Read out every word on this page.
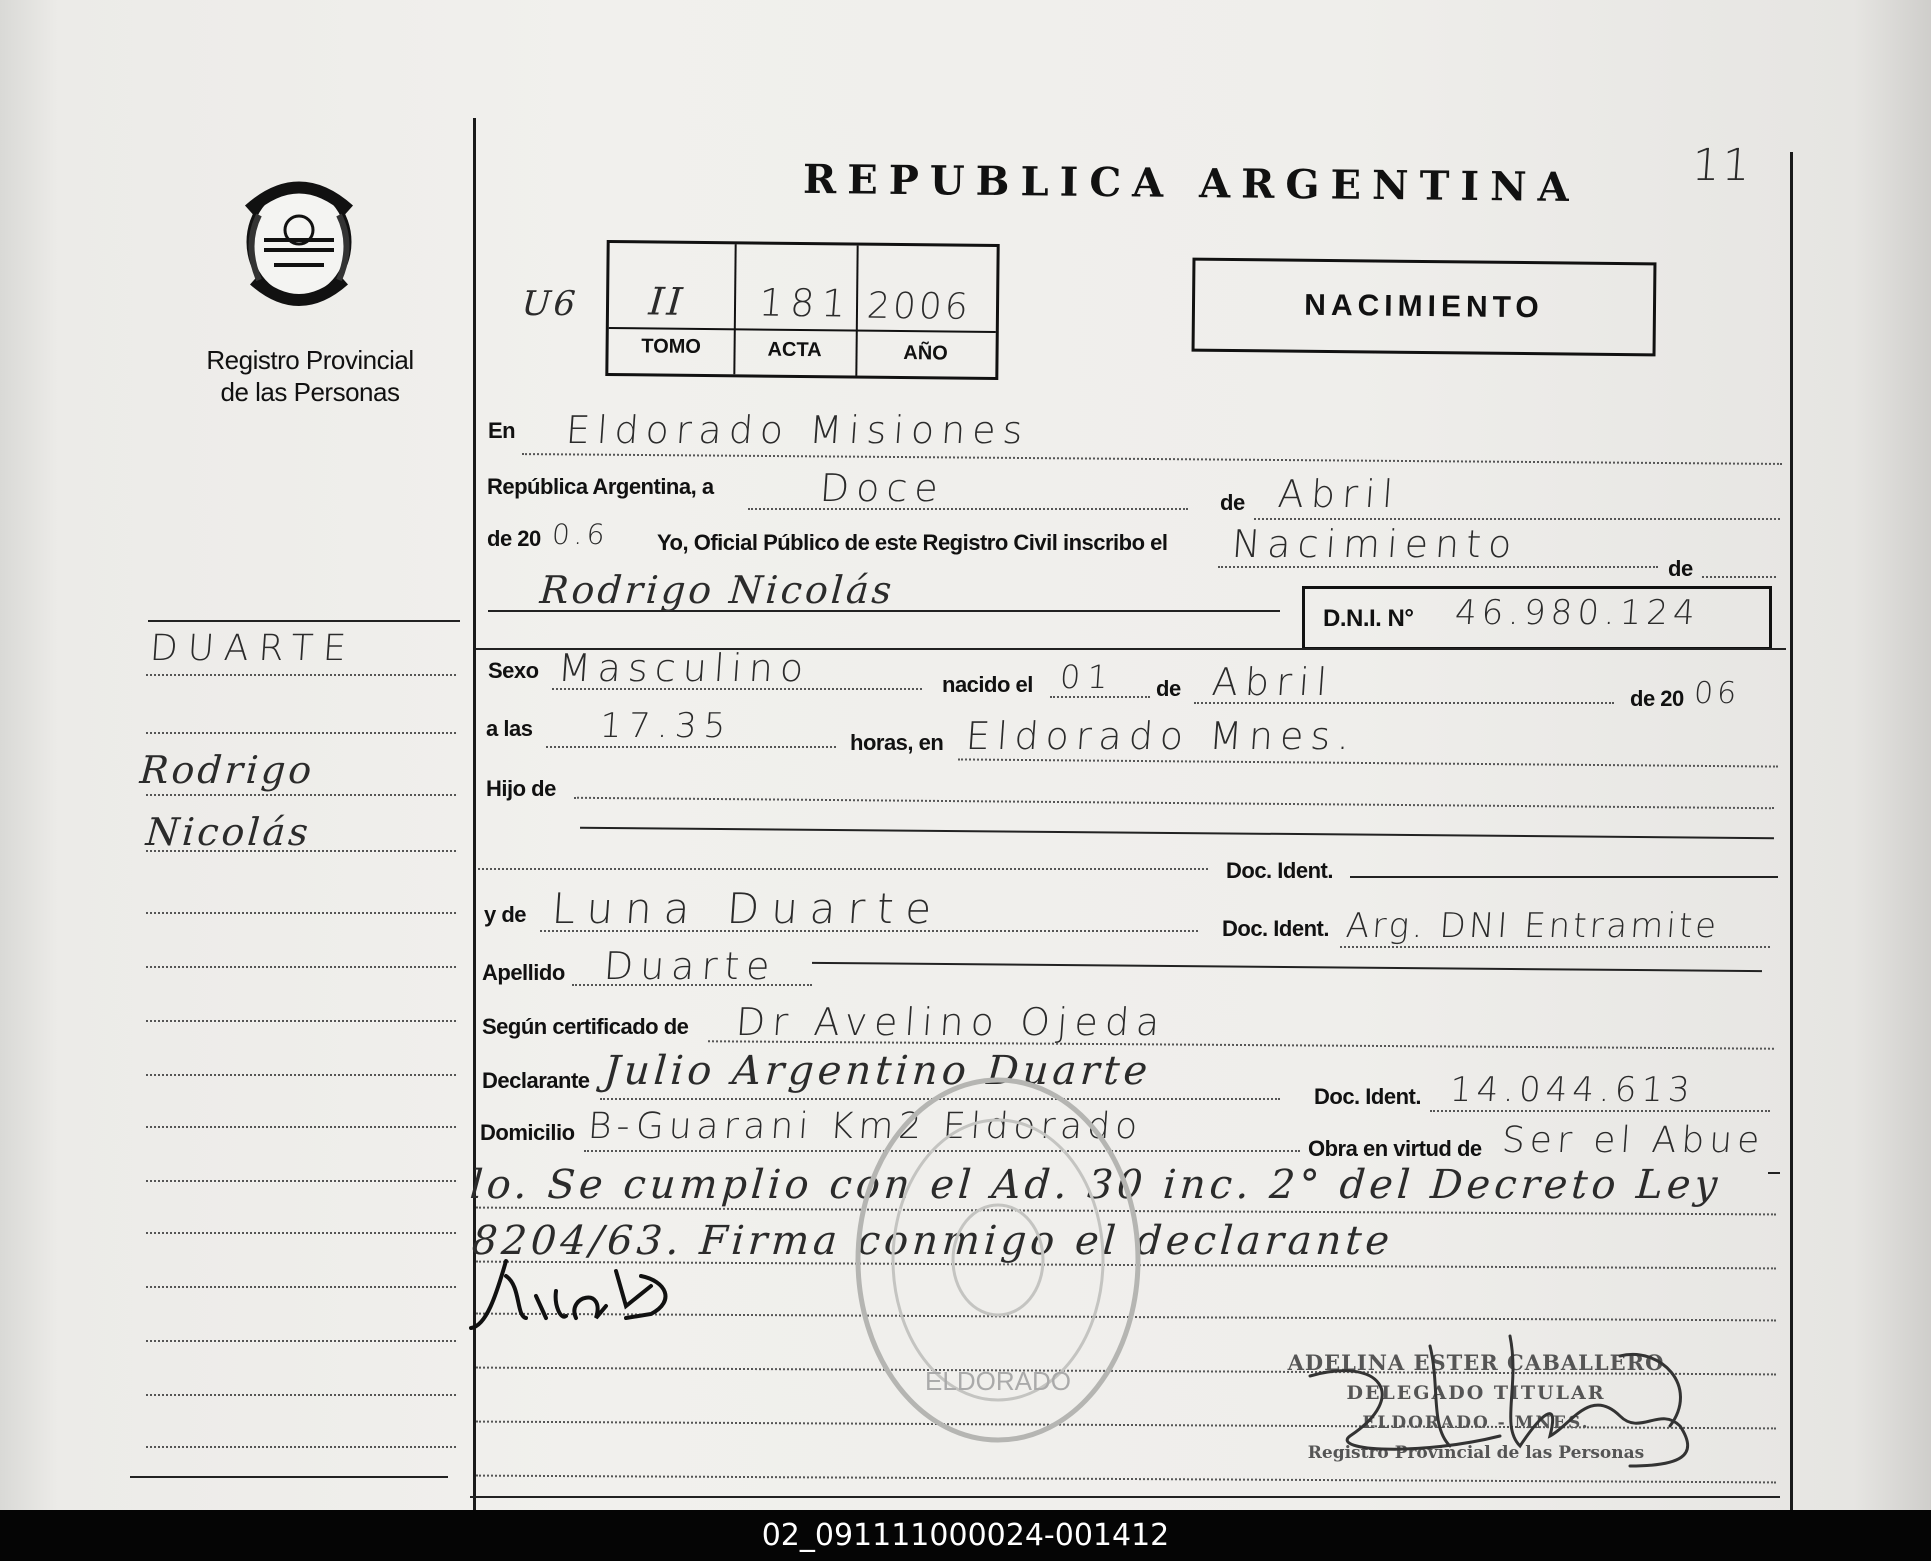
Registro Provincial
de las Personas
REPUBLICA ARGENTINA	11
II 181 2006
TOMO	ACTA	AÑO
U6	NACIMIENTO
DUARTE
Rodrigo
Nicolás
En Eldorado Misiones
República Argentina, a	Doce	de Abril
de 20 0.6 Yo, Oficial Público de este Registro Civil inscribo el Nacimiento
de
Rodrigo Nicolás
D.N.I. N° 46.980.124
Sexo Masculino	nacido el 01 de Abril	de 20 06
a las 17.35	horas, en Eldorado Mnes.
Hijo de
Doc. Ident.
y de Luna Duarte	Doc. Ident. Arg. DNI Entramite
Apellido Duarte
Según certificado de Dr Avelino Ojeda
Declarante Julio Argentino Duarte
Doc. Ident. 14.044.613
Domicilio B-Guarani Km2 Eldorado
Obra en virtud de Ser el Abue
lo. Se cumplio con el Ad. 30 inc. 2° del Decreto Ley
8204/63. Firma conmigo el declarante
ELDORADO
ADELINA ESTER CABALLERO
DELEGADO TITULAR
ELDORADO - MNES.
Registro Provincial de las Personas
02_091111000024-001412
